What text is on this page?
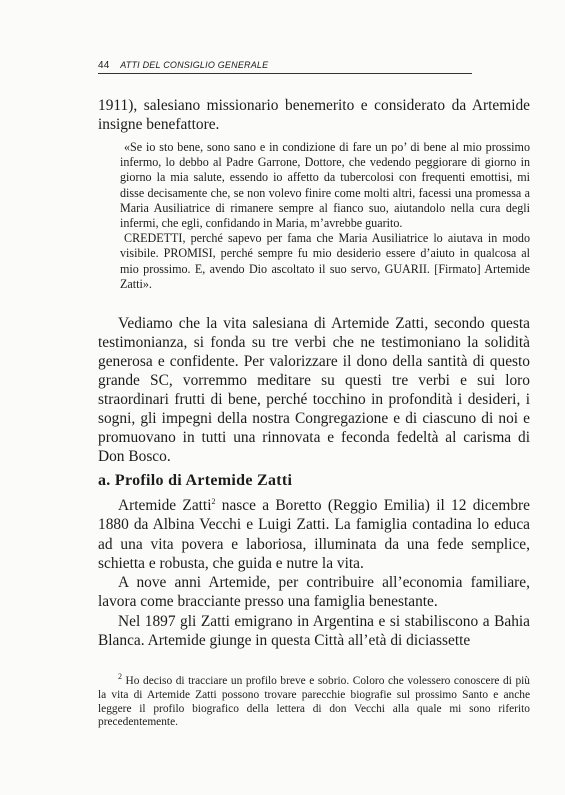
44 ATTI DEL CONSIGLIO GENERALE
1911), salesiano missionario benemerito e considerato da Artemide insigne benefattore.

«Se io sto bene, sono sano e in condizione di fare un po’ di bene al mio prossimo infermo, lo debbo al Padre Garrone, Dottore, che vedendo peggiorare di giorno in giorno la mia salute, essendo io affetto da tubercolosi con frequenti emottisi, mi disse decisamente che, se non volevo finire come molti altri, facessi una promessa a Maria Ausiliatrice di rimanere sempre al fianco suo, aiutandolo nella cura degli infermi, che egli, confidando in Maria, m’avrebbe guarito.

CREDETTI, perché sapevo per fama che Maria Ausiliatrice lo aiutava in modo visibile. PROMISI, perché sempre fu mio desiderio essere d’aiuto in qualcosa al mio prossimo. E, avendo Dio ascoltato il suo servo, GUARII. [Firmato] Artemide Zatti».

Vediamo che la vita salesiana di Artemide Zatti, secondo questa testimonianza, si fonda su tre verbi che ne testimoniano la solidità generosa e confidente. Per valorizzare il dono della santità di questo grande SC, vorremmo meditare su questi tre verbi e sui loro straordinari frutti di bene, perché tocchino in profondità i desideri, i sogni, gli impegni della nostra Congregazione e di ciascuno di noi e promuovano in tutti una rinnovata e feconda fedeltà al carisma di Don Bosco.
a. Profilo di Artemide Zatti

Artemide Zatti$^2$ nasce a Boretto (Reggio Emilia) il 12 dicembre 1880 da Albina Vecchi e Luigi Zatti. La famiglia contadina lo educa ad una vita povera e laboriosa, illuminata da una fede semplice, schietta e robusta, che guida e nutre la vita.

A nove anni Artemide, per contribuire all’economia familiare, lavora come bracciante presso una famiglia benestante.

Nel 1897 gli Zatti emigrano in Argentina e si stabiliscono a Bahia Blanca. Artemide giunge in questa Città all’età di diciassette

$^2$ Ho deciso di tracciare un profilo breve e sobrio. Coloro che volessero conoscere di più la vita di Artemide Zatti possono trovare parecchie biografie sul prossimo Santo e anche leggere il profilo biografico della lettera di don Vecchi alla quale mi sono riferito precedentemente.
